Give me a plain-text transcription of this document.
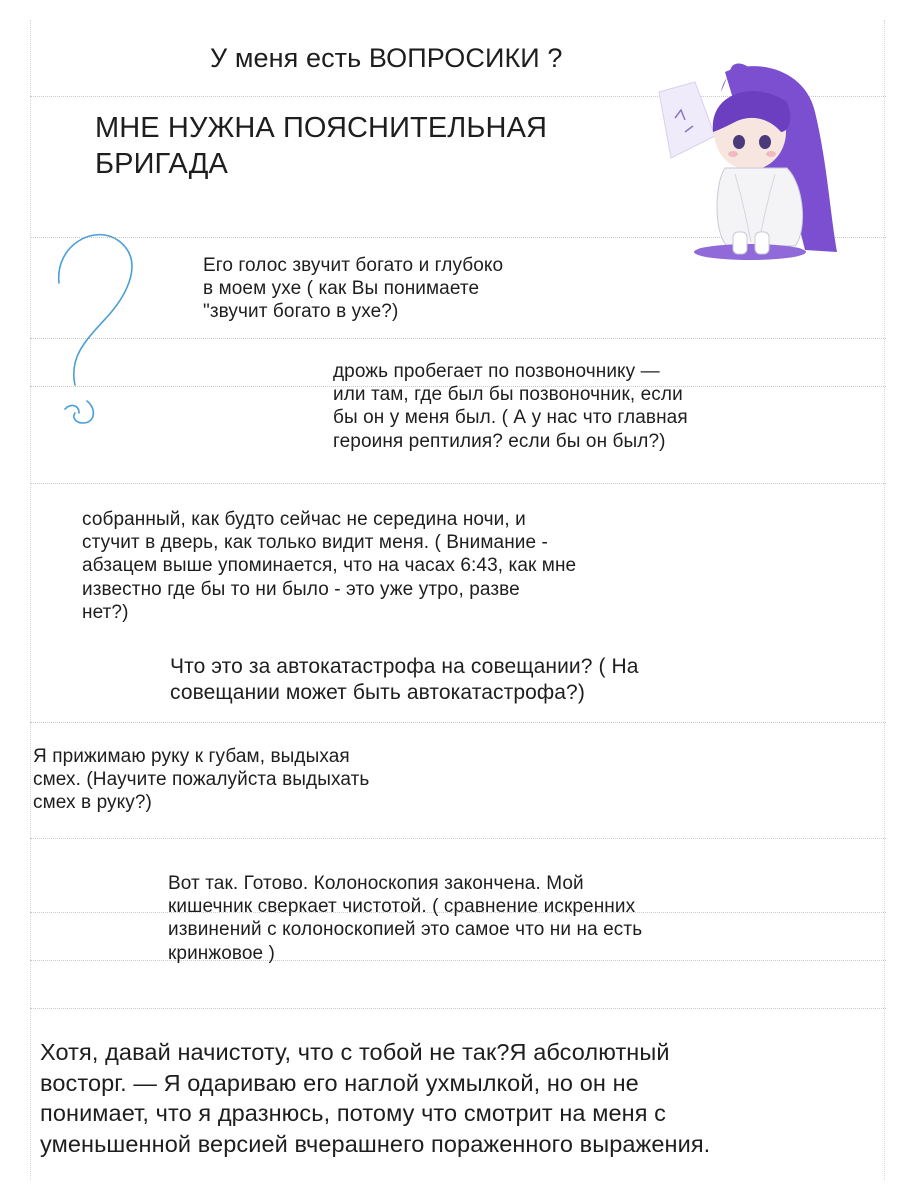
У меня есть ВОПРОСИКИ ?
МНЕ НУЖНА ПОЯСНИТЕЛЬНАЯ
БРИГАДА
Его голос звучит богато и глубоко
в моем ухе ( как Вы понимаете
"звучит богато в ухе?)
дрожь пробегает по позвоночнику —
или там, где был бы позвоночник, если
бы он у меня был. ( А у нас что главная
героиня рептилия? если бы он был?)
собранный, как будто сейчас не середина ночи, и
стучит в дверь, как только видит меня. ( Внимание -
абзацем выше упоминается, что на часах 6:43, как мне
известно где бы то ни было - это уже утро, разве
нет?)
Что это за автокатастрофа на совещании? ( На
совещании может быть автокатастрофа?)
Я прижимаю руку к губам, выдыхая
смех. (Научите пожалуйста выдыхать
смех в руку?)
Вот так. Готово. Колоноскопия закончена. Мой
кишечник сверкает чистотой. ( сравнение искренних
извинений с колоноскопией это самое что ни на есть
кринжовое )
Хотя, давай начистоту, что с тобой не так?Я абсолютный
восторг. — Я одариваю его наглой ухмылкой, но он не
понимает, что я дразнюсь, потому что смотрит на меня с
уменьшенной версией вчерашнего пораженного выражения.
